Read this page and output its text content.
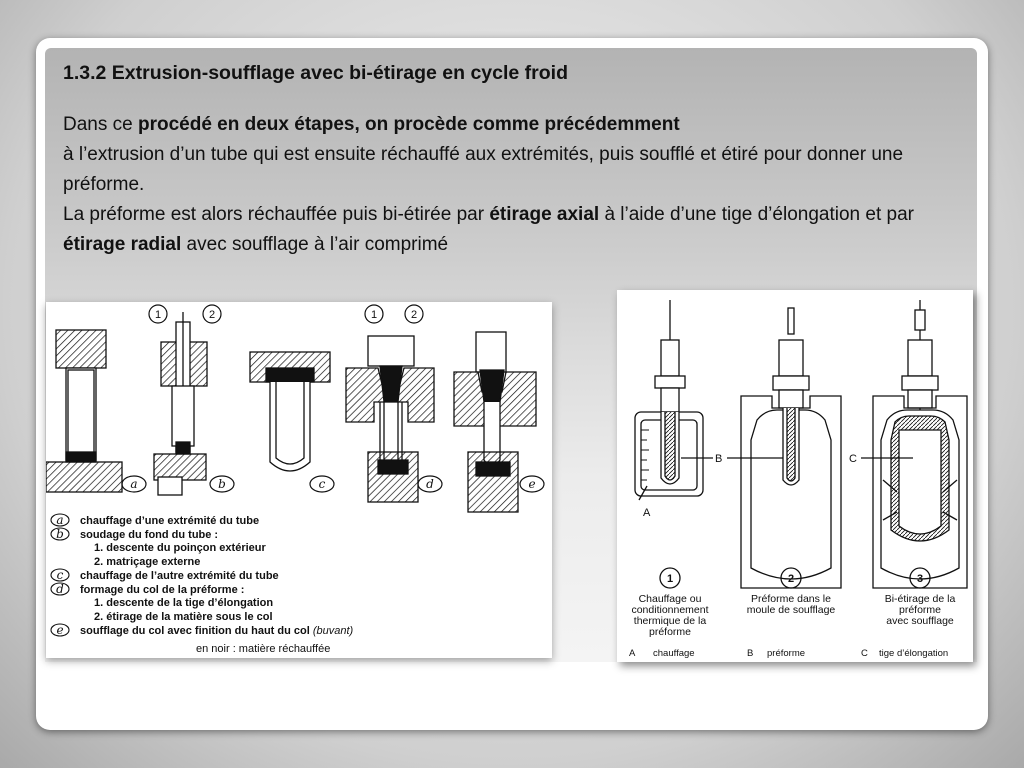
1.3.2 Extrusion-soufflage avec bi-étirage en cycle froid

Dans ce procédé en deux étapes, on procède comme précédemment
à l’extrusion d’un tube qui est ensuite réchauffé aux extrémités, puis soufflé et étiré pour donner une préforme.

La préforme est alors réchauffée puis bi-étirée par étirage axial à l’aide d’une tige d’élongation et par étirage radial avec soufflage à l’air comprimé

1	2	1	2
a	b	c	d	e
a chauffage d’une extrémité du tube
b soudage du fond du tube :
1. descente du poinçon extérieur
2. matriçage externe
c chauffage de l’autre extrémité du tube
d formage du col de la préforme :
1. descente de la tige d’élongation
2. étirage de la matière sous le col
e soufflage du col avec finition du haut du col (buvant)
en noir : matière réchauffée
A
B	C
1
Chauffage ou
conditionnement
thermique de la
préforme
2
Préforme dans le
moule de soufflage
3
Bi-étirage de la
préforme
avec soufflage
A chauffage	B préforme	C tige d’élongation
